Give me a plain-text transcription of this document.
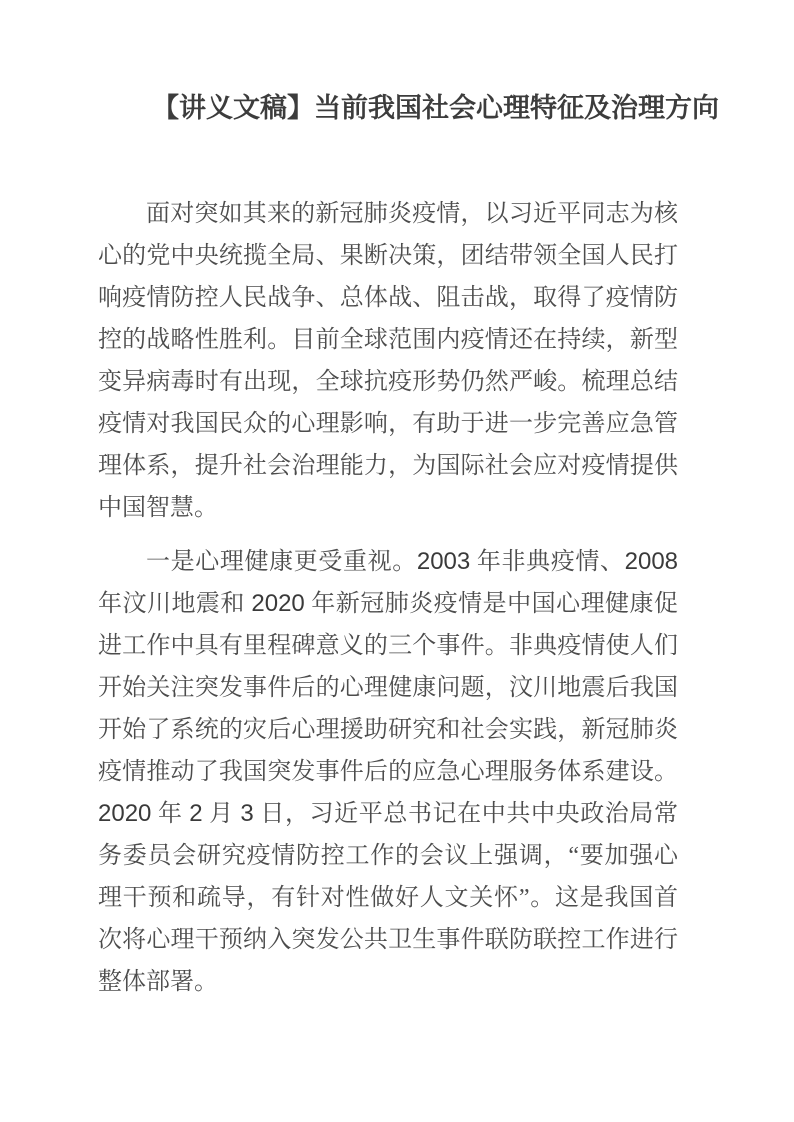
【讲义文稿】当前我国社会心理特征及治理方向

面对突如其来的新冠肺炎疫情，以习近平同志为核心的党中央统揽全局、果断决策，团结带领全国人民打响疫情防控人民战争、总体战、阻击战，取得了疫情防控的战略性胜利。目前全球范围内疫情还在持续，新型变异病毒时有出现，全球抗疫形势仍然严峻。梳理总结疫情对我国民众的心理影响，有助于进一步完善应急管理体系，提升社会治理能力，为国际社会应对疫情提供中国智慧。

一是心理健康更受重视。2003 年非典疫情、2008 年汶川地震和 2020 年新冠肺炎疫情是中国心理健康促进工作中具有里程碑意义的三个事件。非典疫情使人们开始关注突发事件后的心理健康问题，汶川地震后我国开始了系统的灾后心理援助研究和社会实践，新冠肺炎疫情推动了我国突发事件后的应急心理服务体系建设。2020 年 2 月 3 日，习近平总书记在中共中央政治局常务委员会研究疫情防控工作的会议上强调，“要加强心理干预和疏导，有针对性做好人文关怀”。这是我国首次将心理干预纳入突发公共卫生事件联防联控工作进行整体部署。
